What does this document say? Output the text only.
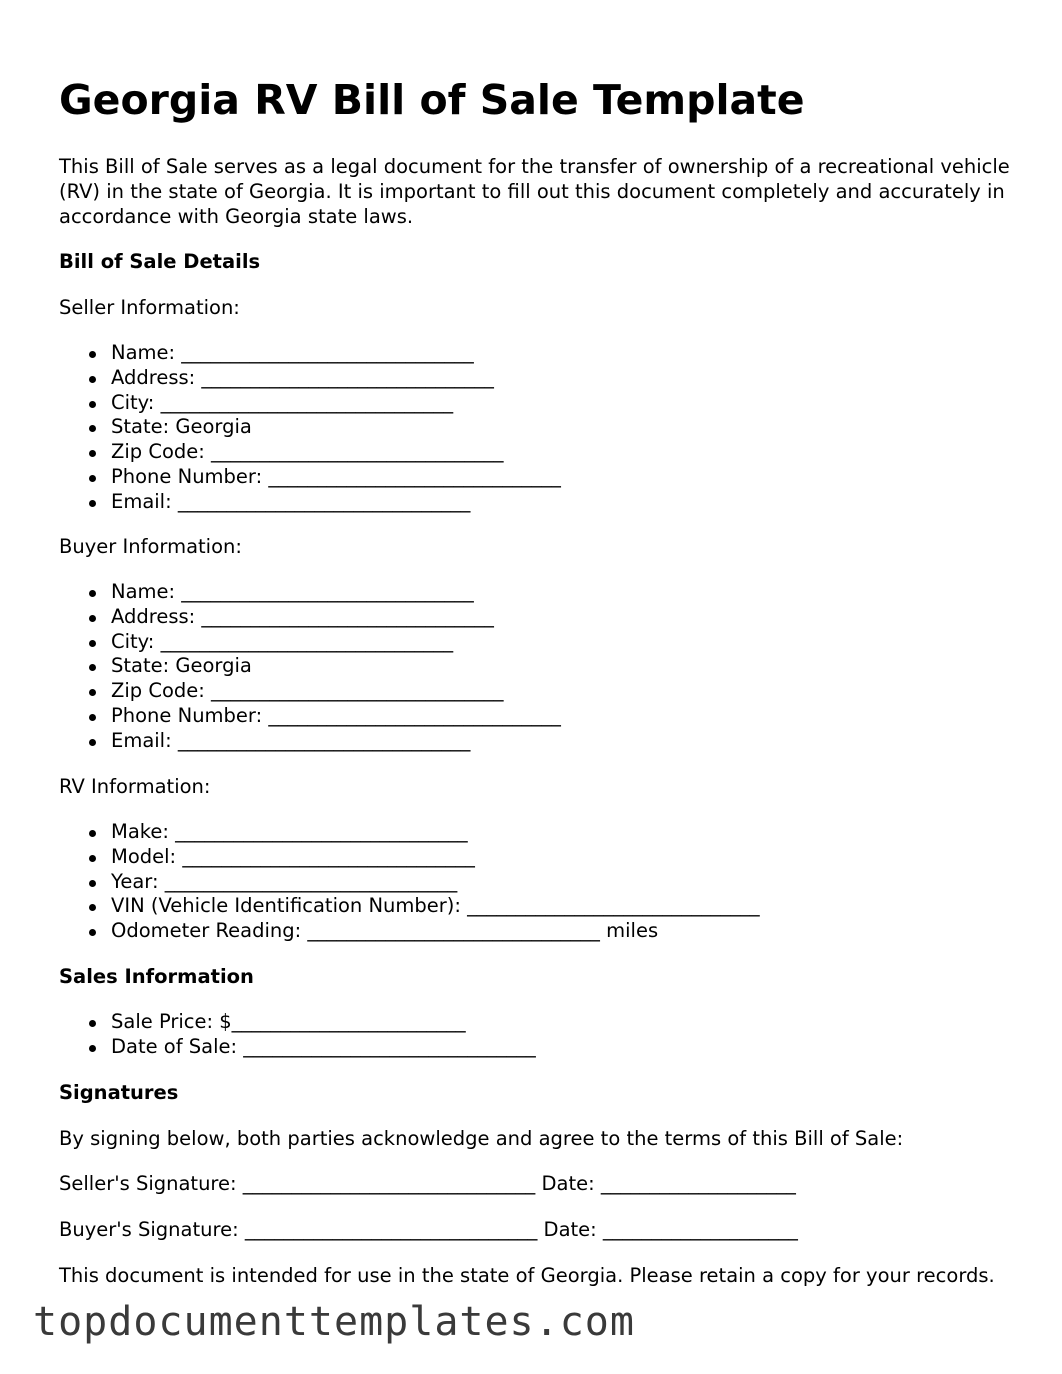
Georgia RV Bill of Sale Template

This Bill of Sale serves as a legal document for the transfer of ownership of a recreational vehicle (RV) in the state of Georgia. It is important to fill out this document completely and accurately in accordance with Georgia state laws.

Bill of Sale Details

Seller Information:

Name: ______________________________
Address: ______________________________
City: ______________________________
State: Georgia
Zip Code: ______________________________
Phone Number: ______________________________
Email: ______________________________

Buyer Information:

Name: ______________________________
Address: ______________________________
City: ______________________________
State: Georgia
Zip Code: ______________________________
Phone Number: ______________________________
Email: ______________________________

RV Information:

Make: ______________________________
Model: ______________________________
Year: ______________________________
VIN (Vehicle Identification Number): ______________________________
Odometer Reading: ______________________________ miles

Sales Information

Sale Price: $________________________
Date of Sale: ______________________________

Signatures

By signing below, both parties acknowledge and agree to the terms of this Bill of Sale:

Seller's Signature: ______________________________ Date: ____________________

Buyer's Signature: ______________________________ Date: ____________________

This document is intended for use in the state of Georgia. Please retain a copy for your records.

topdocumenttemplates.com
